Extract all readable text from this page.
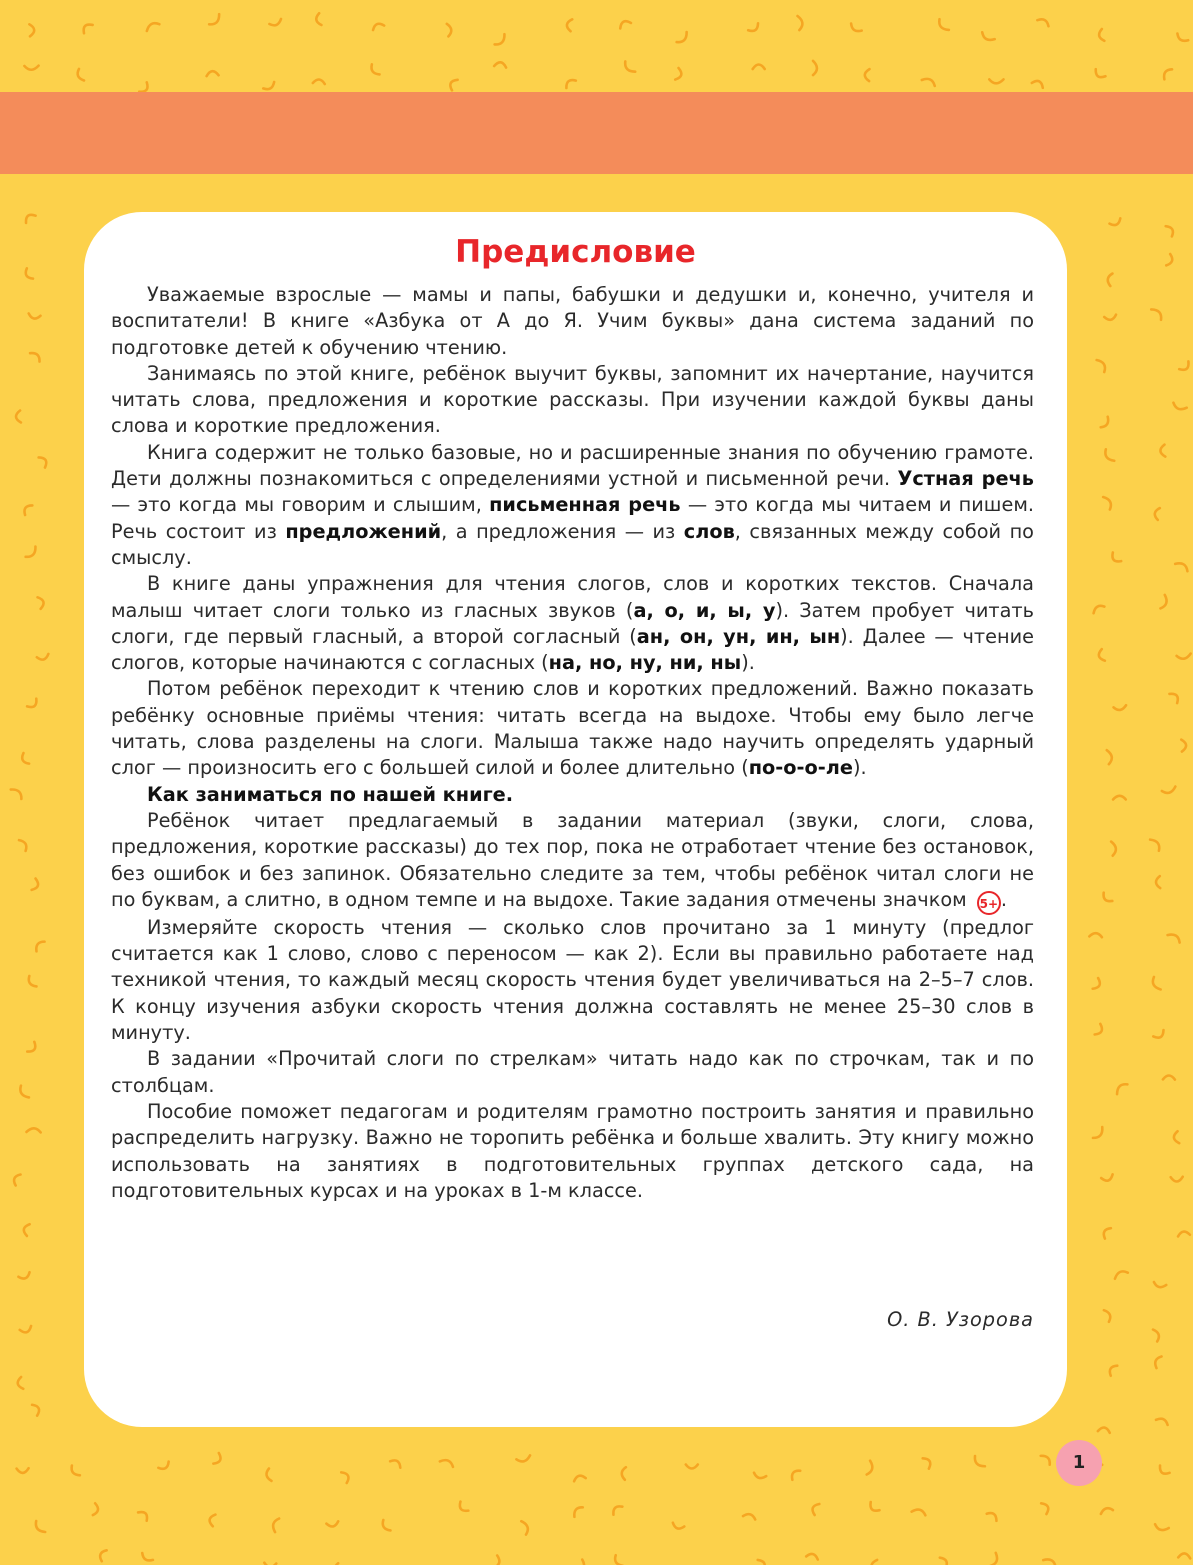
Предисловие

Уважаемые взрослые — мамы и папы, бабушки и дедушки и, конечно, учителя и воспитатели! В книге «Азбука от А до Я. Учим буквы» дана система заданий по подготовке детей к обучению чтению.

Занимаясь по этой книге, ребёнок выучит буквы, запомнит их начертание, научится читать слова, предложения и короткие рассказы. При изучении каждой буквы даны слова и короткие предложения.

Книга содержит не только базовые, но и расширенные знания по обучению грамоте. Дети должны познакомиться с определениями устной и письменной речи. Устная речь — это когда мы говорим и слышим, письменная речь — это когда мы читаем и пишем. Речь состоит из предложений, а предложения — из слов, связанных между собой по смыслу.

В книге даны упражнения для чтения слогов, слов и коротких текстов. Сначала малыш читает слоги только из гласных звуков (а, о, и, ы, у). Затем пробует читать слоги, где первый гласный, а второй согласный (ан, он, ун, ин, ын). Далее — чтение слогов, которые начинаются с согласных (на, но, ну, ни, ны).

Потом ребёнок переходит к чтению слов и коротких предложений. Важно показать ребёнку основные приёмы чтения: читать всегда на выдохе. Чтобы ему было легче читать, слова разделены на слоги. Малыша также надо научить определять ударный слог — произносить его с большей силой и более длительно (по-о-о-ле).

Как заниматься по нашей книге.

Ребёнок читает предлагаемый в задании материал (звуки, слоги, слова, предложения, короткие рассказы) до тех пор, пока не отработает чтение без остановок, без ошибок и без запинок. Обязательно следите за тем, чтобы ребёнок читал слоги не по буквам, а слитно, в одном темпе и на выдохе. Такие задания отмечены значком 5+ .

Измеряйте скорость чтения — сколько слов прочитано за 1 минуту (предлог считается как 1 слово, слово с переносом — как 2). Если вы правильно работаете над техникой чтения, то каждый месяц скорость чтения будет увеличиваться на 2–5–7 слов. К концу изучения азбуки скорость чтения должна составлять не менее 25–30 слов в минуту.

В задании «Прочитай слоги по стрелкам» читать надо как по строчкам, так и по столбцам.

Пособие поможет педагогам и родителям грамотно построить занятия и правильно распределить нагрузку. Важно не торопить ребёнка и больше хвалить. Эту книгу можно использовать на занятиях в подготовительных группах детского сада, на подготовительных курсах и на уроках в 1-м классе.

О. В. Узорова
1
